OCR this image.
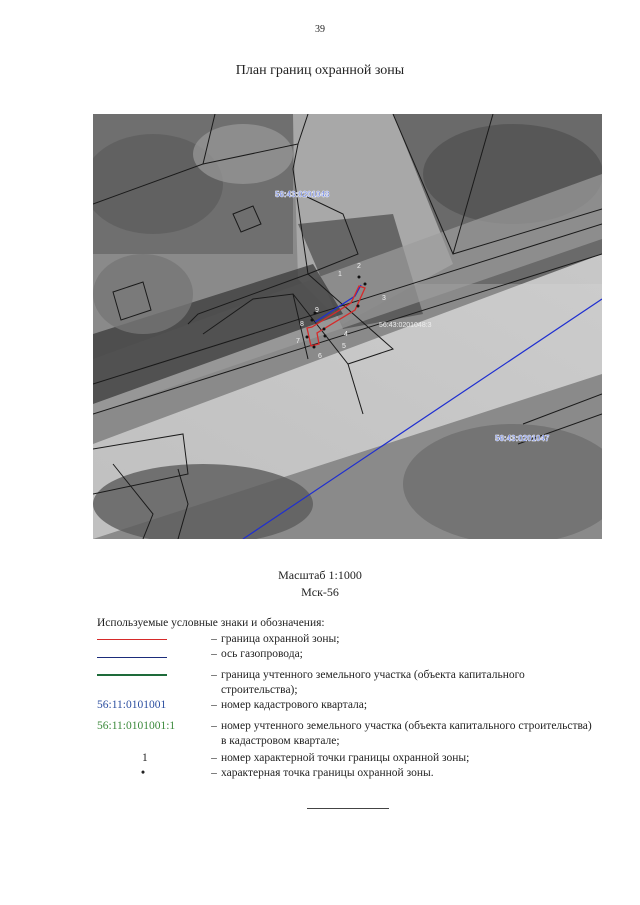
39
План границ охранной зоны
1
2
3
4
5
6
7
8
9
56:43:0201048
56:43:0201047
56:43:0201048:3
Масштаб 1:1000
Мск-56
Используемые условные знаки и обозначения:
– граница охранной зоны;
– ось газопровода;
– граница учтенного земельного участка (объекта капитального строительства);
56:11:0101001	– номер кадастрового квартала;
56:11:0101001:1	– номер учтенного земельного участка (объекта капитального строительства) в кадастровом квартале;
1	– номер характерной точки границы охранной зоны;
•	– характерная точка границы охранной зоны.
